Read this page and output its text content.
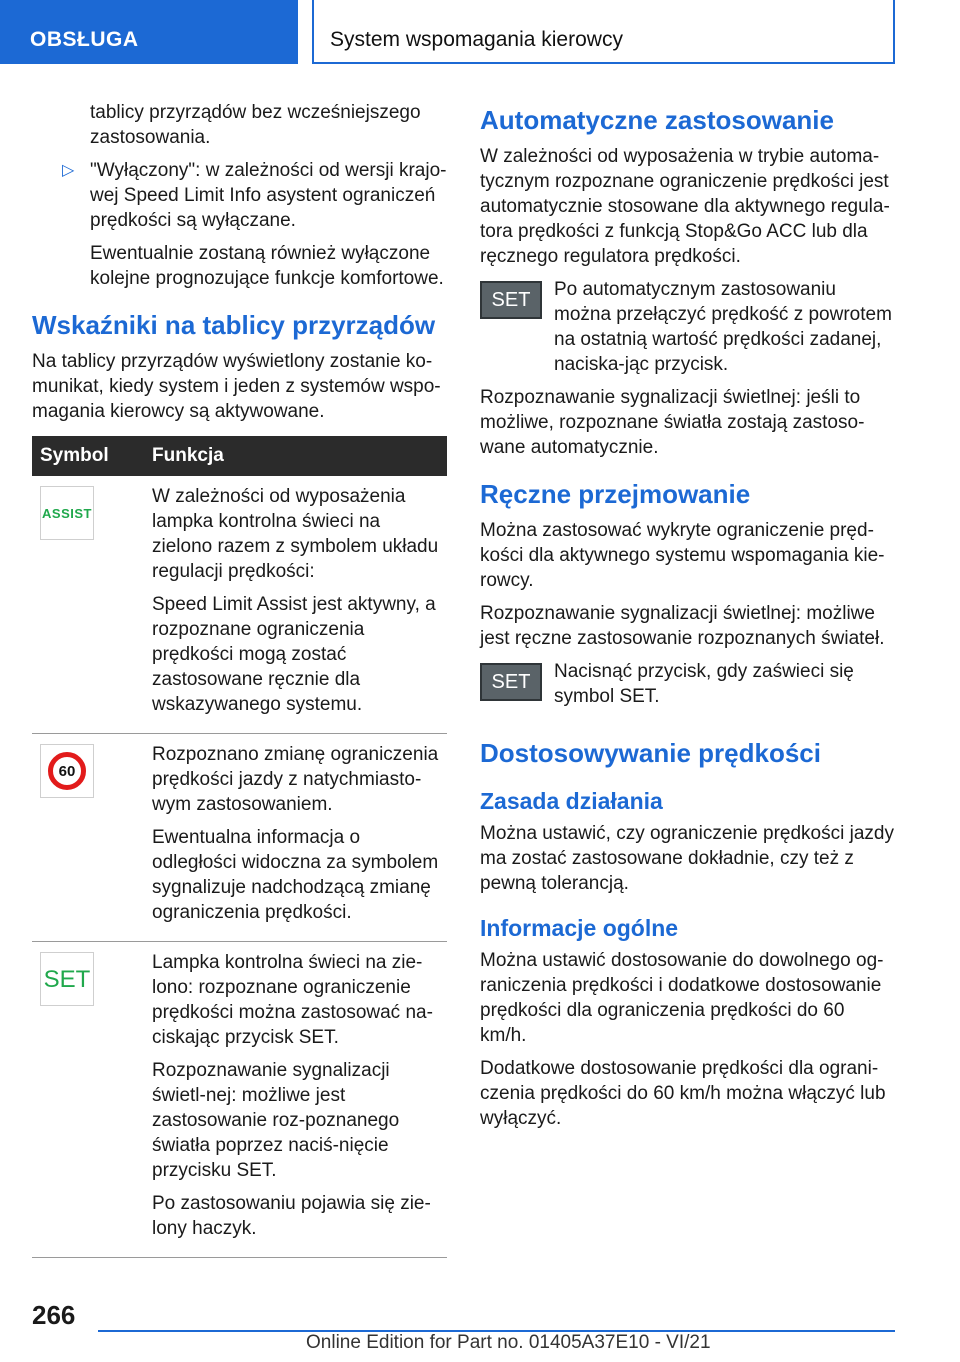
OBSŁUGA	System wspomagania kierowcy

tablicy przyrządów bez wcześniejszego zastosowania.

▷ "Wyłączony": w zależności od wersji krajo-wej Speed Limit Info asystent ograniczeń prędkości są wyłączane.

Ewentualnie zostaną również wyłączone kolejne prognozujące funkcje komfortowe.

Wskaźniki na tablicy przyrządów

Na tablicy przyrządów wyświetlony zostanie ko-munikat, kiedy system i jeden z systemów wspo-magania kierowcy są aktywowane.

Symbol	Funkcja

ASSIST	W zależności od wyposażenia lampka kontrolna świeci na zielono razem z symbolem układu regulacji prędkości:

Speed Limit Assist jest aktywny, a rozpoznane ograniczenia prędkości mogą zostać zastosowane ręcznie dla wskazywanego systemu.

60	Rozpoznano zmianę ograniczenia prędkości jazdy z natychmiasto-wym zastosowaniem.

Ewentualna informacja o odległości widoczna za symbolem sygnalizuje nadchodzącą zmianę ograniczenia prędkości.

SET	Lampka kontrolna świeci na zie-lono: rozpoznane ograniczenie prędkości można zastosować na-ciskając przycisk SET.

Rozpoznawanie sygnalizacji świetl-nej: możliwe jest zastosowanie roz-poznanego światła poprzez naciś-nięcie przycisku SET.

Po zastosowaniu pojawia się zie-lony haczyk.

Automatyczne zastosowanie

W zależności od wyposażenia w trybie automa-tycznym rozpoznane ograniczenie prędkości jest automatycznie stosowane dla aktywnego regula-tora prędkości z funkcją Stop&Go ACC lub dla ręcznego regulatora prędkości.

SET	Po automatycznym zastosowaniu

można przełączyć prędkość z powrotem na ostatnią wartość prędkości zadanej, naciska-jąc przycisk.

Rozpoznawanie sygnalizacji świetlnej: jeśli to możliwe, rozpoznane światła zostają zastoso-wane automatycznie.

Ręczne przejmowanie

Można zastosować wykryte ograniczenie pręd-kości dla aktywnego systemu wspomagania kie-rowcy.

Rozpoznawanie sygnalizacji świetlnej: możliwe jest ręczne zastosowanie rozpoznanych świateł.

SET	Nacisnąć przycisk, gdy zaświeci się symbol SET.

Dostosowywanie prędkości
Zasada działania

Można ustawić, czy ograniczenie prędkości jazdy ma zostać zastosowane dokładnie, czy też z pewną tolerancją.

Informacje ogólne

Można ustawić dostosowanie do dowolnego og-raniczenia prędkości i dodatkowe dostosowanie prędkości dla ograniczenia prędkości do 60 km/h.

Dodatkowe dostosowanie prędkości dla ograni-czenia prędkości do 60 km/h można włączyć lub wyłączyć.

266
Online Edition for Part no. 01405A37E10 - VI/21
